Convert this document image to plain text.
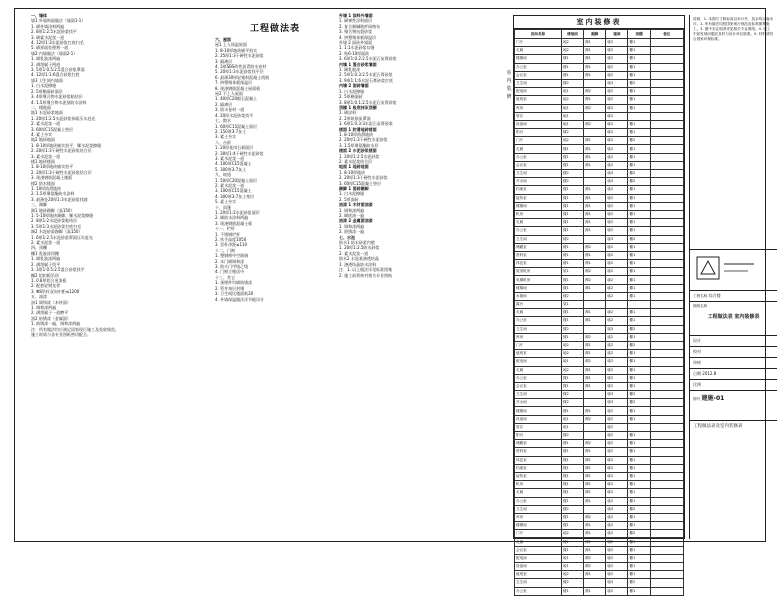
工程做法表
一、墙体
墙1 外墙饰面做法（墙面1-1）
1. 刷外墙涂料两遍
2. 8厚1:2.5水泥砂浆找平
3. 刷素水泥浆一道
4. 12厚1:3水泥砂浆打底扫毛
5. 刷界面处理剂一道
墙2 内墙做法（墙面2-1）
1. 刷乳胶漆两遍
2. 满刮腻子两道
3. 5厚1:0.5:2.5混合砂浆罩面
4. 12厚1:1:6混合砂浆打底
墙3 卫生间内墙面
1. 白水泥擦缝
2. 5厚釉面砖面层
3. 4厚聚合物水泥砂浆粘结层
4. 1.5厚聚合物水泥基防水涂料
二、楼地面
地1 水泥砂浆地面
1. 20厚1:2.5水泥砂浆抹面压实赶光
2. 素水泥浆一道
3. 60厚C15混凝土垫层
4. 素土夯实
地2 地砖地面
1. 8-10厚地砖铺实拍平，稀水泥浆擦缝
2. 20厚1:3干硬性水泥砂浆结合层
3. 素水泥浆一道
楼1 地砖楼面
1. 8-10厚地砖铺实拍平
2. 20厚1:3干硬性水泥砂浆结合层
3. 现浇钢筋混凝土楼板
楼2 防水楼面
1. 10厚防滑地砖
2. 1.5厚聚氨酯防水涂料
3. 最薄处20厚1:3水泥砂浆找坡
三、踢脚
踢1 地砖踢脚（高150）
1. 5-10厚地砖踢脚，稀水泥浆擦缝
2. 8厚1:2水泥砂浆粘结层
3. 5厚1:3水泥砂浆打底扫毛
踢2 水泥砂浆踢脚（高150）
1. 6厚1:2.5水泥砂浆罩面压实赶光
2. 素水泥浆一道
四、顶棚
棚1 乳胶漆顶棚
1. 刷乳胶漆两遍
2. 满刮腻子找平
3. 3厚1:0.5:2.5混合砂浆找平
棚2 铝扣板吊顶
1. 0.8厚铝合金条板
2. 配套轻钢龙骨
3. Φ8吊杆双向中距≤1200
五、油漆
油1 调和漆（木材面）
1. 调和漆两遍
2. 满刮腻子一道磨平
油2 防锈漆（金属面）
1. 防锈漆一遍，调和漆两遍
注：所有做法均应满足国家现行施工及验收规范。
施工时请与各专业图纸密切配合。
六、屋面
屋1 上人保温屋面
1. 8-10厚地砖铺平拍实
2. 25厚1:3干硬性水泥砂浆
3. 隔离层
4. 3厚SBS改性沥青防水卷材
5. 20厚1:3水泥砂浆找平层
6. 最薄30厚轻集料混凝土找坡
7. 挤塑聚苯板保温层
8. 现浇钢筋混凝土屋面板
屋2 不上人屋面
1. 40厚C20细石混凝土
2. 隔离层
3. 防水卷材一道
4. 20厚水泥砂浆找平
七、散水
1. 60厚C15混凝土面层
2. 150厚3:7灰土
3. 素土夯实
八、台阶
1. 20厚花岗石板面层
2. 30厚1:4干硬性水泥砂浆
3. 素水泥浆一道
4. 100厚C15混凝土
5. 300厚3:7灰土
九、坡道
1. 50厚C20混凝土面层
2. 素水泥浆一道
3. 100厚C15混凝土
4. 300厚3:7灰土垫层
5. 素土夯实
十、雨篷
1. 20厚1:2水泥砂浆面层
2. 刷防水涂料两遍
3. 现浇钢筋混凝土板
十一、栏杆
1. 不锈钢栏杆
2. 扶手高度1050
3. 竖杆净距≤110
十二、门窗
1. 塑钢窗中空玻璃
2. 木门刷调和漆
3. 防火门甲级乙级
4. 门窗立樘居中
十三、其它
1. 预埋件均刷防锈漆
2. 管井每层封堵
3. 卫生间比楼面低20
4. 外墙保温做法详节能设计
外墙 1 涂料外墙面
1. 刷弹性涂料面层
2. 复合耐碱玻纤网格布
3. 聚合物抗裂砂浆
4. 挤塑聚苯板保温层
外墙 2 面砖外墙面
1. 1:1水泥砂浆勾缝
2. 贴6-10厚面砖
3. 6厚1:0.2:2.5水泥石灰膏砂浆
内墙 1 混合砂浆墙面
1. 刷乳胶漆
2. 5厚1:0.3:2.5水泥石膏砂浆
3. 9厚1:1:6水泥石膏砂浆打底
内墙 2 面砖墙面
1. 白水泥擦缝
2. 5厚釉面砖
3. 8厚1:0.1:2.5水泥石灰膏砂浆
顶棚 1 板底抹灰顶棚
1. 刷涂料
2. 2厚纸筋灰罩面
3. 6厚1:0.3:3水泥石灰膏砂浆
楼面 1 防滑地砖楼面
1. 8-10厚防滑地砖
2. 20厚1:3干硬性水泥砂浆
3. 1.5厚聚氨酯防水层
楼面 2 水泥砂浆楼面
1. 20厚1:2.5水泥砂浆
2. 素水泥浆结合层
地面 1 地砖地面
1. 8-10厚地砖
2. 20厚1:3干硬性水泥砂浆
3. 60厚C15混凝土垫层
踢脚 1 面砖踢脚
1. 白水泥擦缝
2. 5厚面砖
油漆 1 木材面油漆
1. 调和漆两遍
2. 刷底油一遍
油漆 2 金属面油漆
1. 调和漆两遍
2. 防锈漆一遍
七、水池
防水1 防水砂浆内壁
1. 20厚1:2.5防水砂浆
2. 素水泥浆一道
防水2 水泥基渗透结晶
1. 渗透结晶防水涂料
注：1. 以上做法详见标准图集
2. 施工前须核对相关专业图纸
室内装修
室内装修表
房间名称	楼地面	踢脚	墙面	顶棚	备注
门厅	地2	踢1	墙2	棚1	
走廊	地2	踢1	墙2	棚1	
楼梯间	楼1	踢1	墙2	棚1	
办公室	楼1	踢1	墙2	棚1	
会议室	楼1	踢1	墙2	棚1	
卫生间	楼2		墙3	棚2	
配电间	地1	踢2	墙2	棚1	
值班室	地2	踢1	墙2	棚1	
库房	地1	踢2	墙2	棚1	
管井	地1		墙2		
设备间	地1	踢2	墙2	棚1	
阳台	楼2		墙2	棚1	
门厅	地2	踢1	墙2	棚2	
走廊	楼1	踢1	墙2	棚1	
办公室	楼1	踢1	墙2	棚1	
会议室	楼1	踢1	墙2	棚1	
卫生间	楼2		墙3	棚2	
开水间	楼2		墙3	棚2	
档案室	楼1	踢1	墙2	棚1	
接待室	楼1	踢1	墙2	棚1	
楼梯间	楼1	踢1	墙2	棚1	
机房	楼1	踢1	墙2	棚1	
走廊	楼1	踢1	墙2	棚1	
办公室	楼1	踢1	墙2	棚1	
卫生间	楼2		墙3	棚2	
储藏室	楼1	踢2	墙2	棚1	
资料室	楼1	踢1	墙2	棚1	
休息室	楼1	踢1	墙2	棚1	
屋顶机房	屋1	踢2	墙2	棚1	
电梯机房	楼1	踢2	墙2	棚1	
楼梯间	楼1	踢1	墙2	棚1	
水箱间	楼2		墙2	棚1	
露台	屋1				
走廊	楼1	踢1	墙2	棚1	
办公室	楼1	踢1	墙2	棚1	
卫生间	楼2		墙3	棚2	
库房	楼1	踢2	墙2	棚1	
门厅	地2	踢1	墙2	棚2	
值班室	地2	踢1	墙2	棚1	
配电间	地1	踢2	墙2	棚1	
走廊	地2	踢1	墙2	棚1	
办公室	楼1	踢1	墙2	棚1	
会议室	楼1	踢1	墙2	棚1	
卫生间	楼2		墙3	棚2	
开水间	楼2		墙3	棚2	
楼梯间	楼1	踢1	墙2	棚1	
设备间	地1	踢2	墙2	棚1	
管井	地1		墙2		
阳台	楼2		墙2	棚1	
储藏室	楼1	踢2	墙2	棚1	
资料室	楼1	踢1	墙2	棚1	
休息室	楼1	踢1	墙2	棚1	
档案室	楼1	踢1	墙2	棚1	
接待室	楼1	踢1	墙2	棚1	
机房	楼1	踢1	墙2	棚1	
走廊	楼1	踢1	墙2	棚1	
办公室	楼1	踢1	墙2	棚1	
卫生间	楼2		墙3	棚2	
库房	楼1	踢2	墙2	棚1	
楼梯间	楼1	踢1	墙2	棚1	
门厅	地2	踢1	墙2	棚2	
走廊	楼1	踢1	墙2	棚1	
会议室	楼1	踢1	墙2	棚1	
配电间	地1	踢2	墙2	棚1	
设备间	地1	踢2	墙2	棚1	
值班室	地2	踢1	墙2	棚1	
卫生间	楼2		墙3	棚2	
办公室	楼1	踢1	墙2	棚1	
说明：1. 本图尺寸除标高以米计外，其余均以毫米计。2. 所有做法均按国家现行规范及标准图集施工。3. 图中未注明者详见相关专业图纸。4. 施工中如发现问题应及时与设计单位联系。5. 材料须符合国家环保标准。
工程名称 综合楼
图纸名称
工程做法表 室内装修表
设计
校对
审核
日期 2012.8
比例
图号 建施-01
工程做法表及室内装修表
